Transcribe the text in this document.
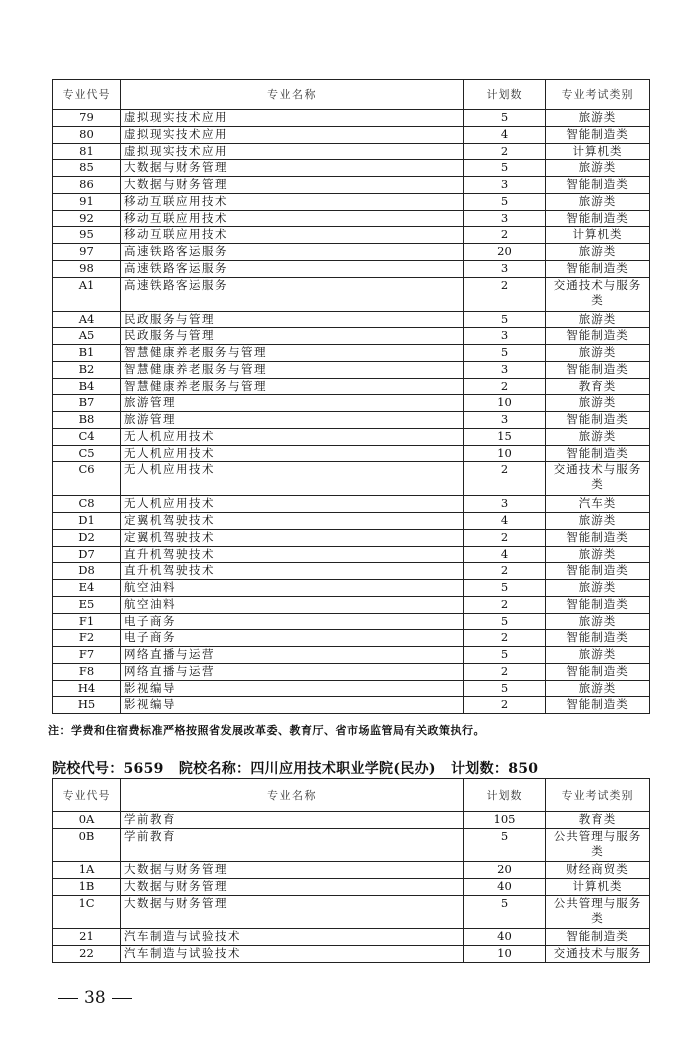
专业代号	专业名称	计划数	专业考试类别
79	虚拟现实技术应用	5	旅游类
80	虚拟现实技术应用	4	智能制造类
81	虚拟现实技术应用	2	计算机类
85	大数据与财务管理	5	旅游类
86	大数据与财务管理	3	智能制造类
91	移动互联应用技术	5	旅游类
92	移动互联应用技术	3	智能制造类
95	移动互联应用技术	2	计算机类
97	高速铁路客运服务	20	旅游类
98	高速铁路客运服务	3	智能制造类
A1	高速铁路客运服务	2	交通技术与服务类
A4	民政服务与管理	5	旅游类
A5	民政服务与管理	3	智能制造类
B1	智慧健康养老服务与管理	5	旅游类
B2	智慧健康养老服务与管理	3	智能制造类
B4	智慧健康养老服务与管理	2	教育类
B7	旅游管理	10	旅游类
B8	旅游管理	3	智能制造类
C4	无人机应用技术	15	旅游类
C5	无人机应用技术	10	智能制造类
C6	无人机应用技术	2	交通技术与服务类
C8	无人机应用技术	3	汽车类
D1	定翼机驾驶技术	4	旅游类
D2	定翼机驾驶技术	2	智能制造类
D7	直升机驾驶技术	4	旅游类
D8	直升机驾驶技术	2	智能制造类
E4	航空油料	5	旅游类
E5	航空油料	2	智能制造类
F1	电子商务	5	旅游类
F2	电子商务	2	智能制造类
F7	网络直播与运营	5	旅游类
F8	网络直播与运营	2	智能制造类
H4	影视编导	5	旅游类
H5	影视编导	2	智能制造类
注：学费和住宿费标准严格按照省发展改革委、教育厅、省市场监管局有关政策执行。
院校代号：5659 院校名称：四川应用技术职业学院(民办) 计划数：850
专业代号	专业名称	计划数	专业考试类别
0A	学前教育	105	教育类
0B	学前教育	5	公共管理与服务类
1A	大数据与财务管理	20	财经商贸类
1B	大数据与财务管理	40	计算机类
1C	大数据与财务管理	5	公共管理与服务类
21	汽车制造与试验技术	40	智能制造类
22	汽车制造与试验技术	10	交通技术与服务
38
